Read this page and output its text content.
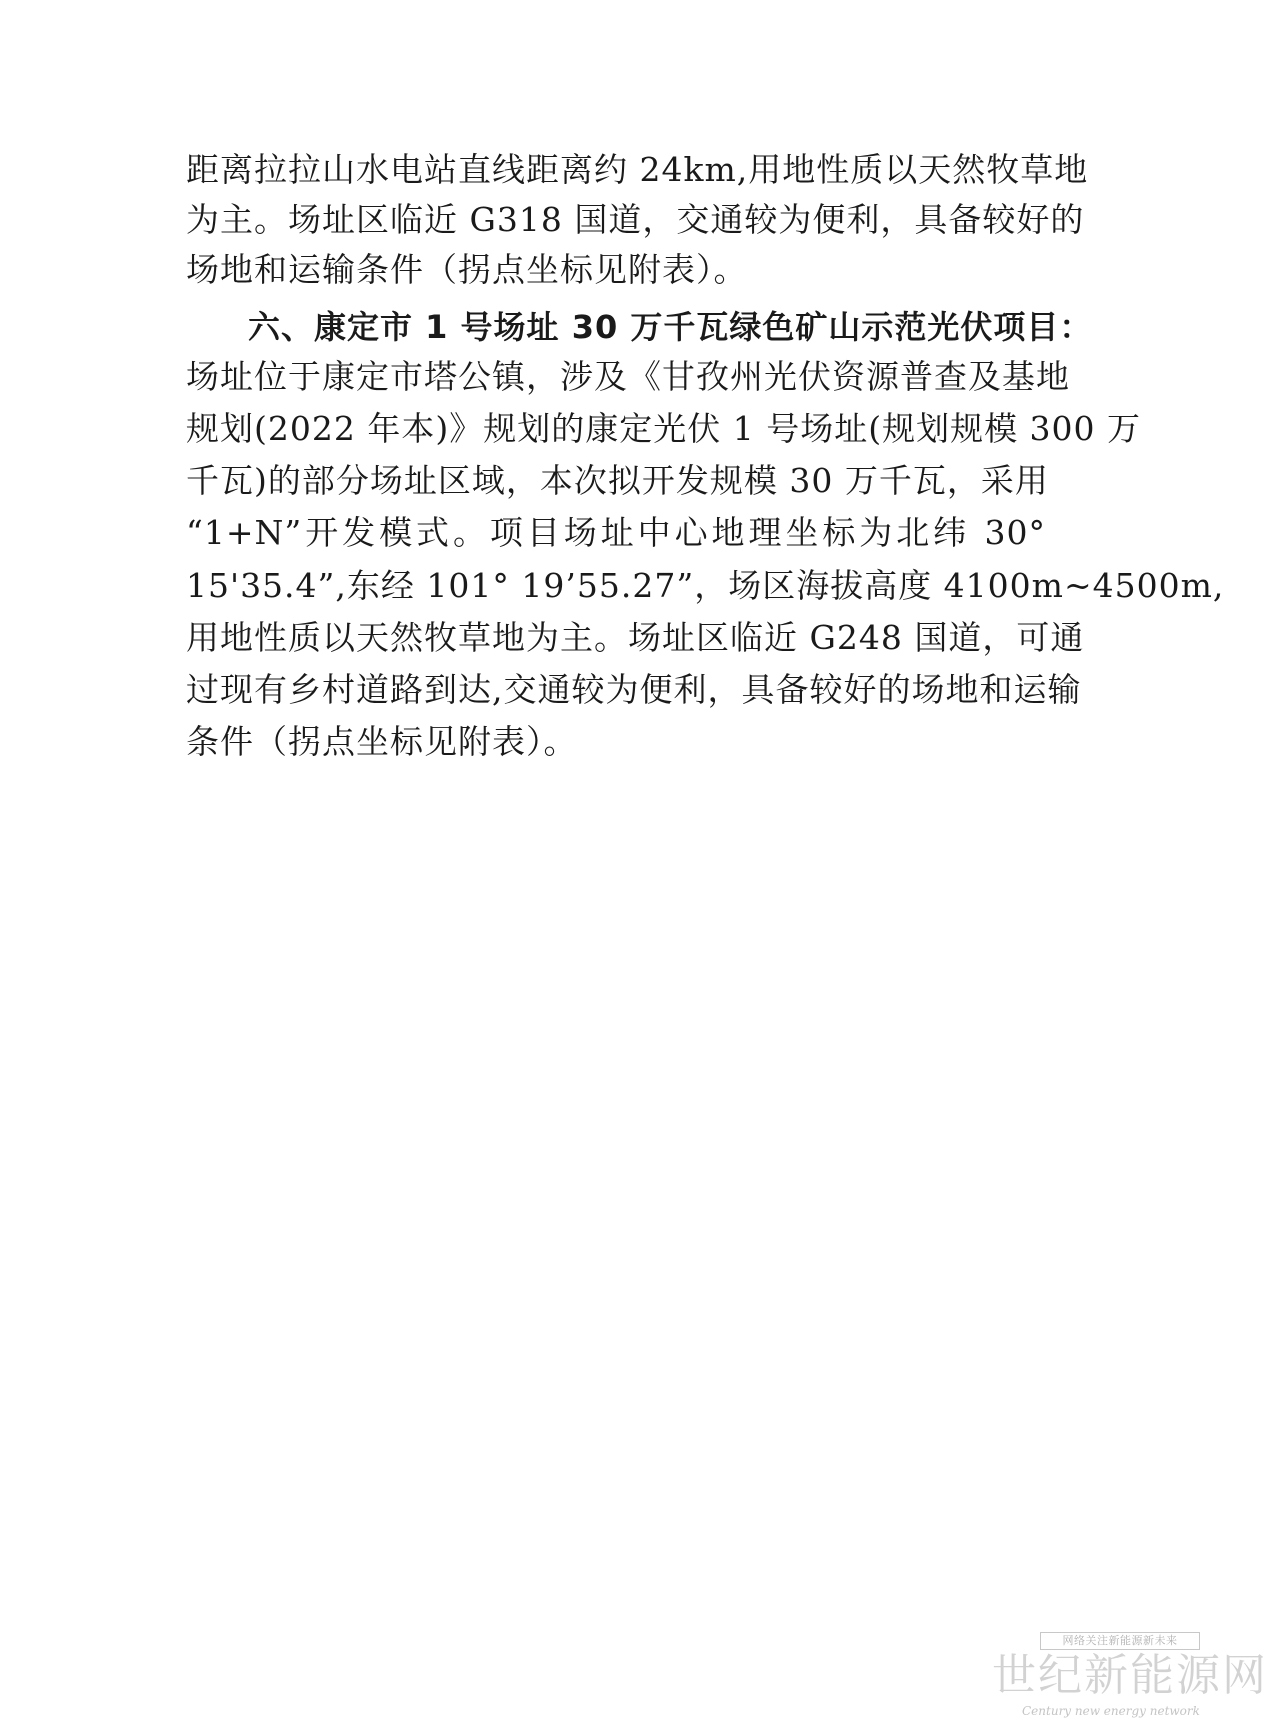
距离拉拉山水电站直线距离约 24km,用地性质以天然牧草地
为主。场址区临近 G318 国道，交通较为便利，具备较好的
场地和运输条件（拐点坐标见附表）。
六、康定市 1 号场址 30 万千瓦绿色矿山示范光伏项目：
场址位于康定市塔公镇，涉及《甘孜州光伏资源普查及基地
规划(2022 年本)》规划的康定光伏 1 号场址(规划规模 300 万
千瓦)的部分场址区域，本次拟开发规模 30 万千瓦，采用
“1+N”开发模式。项目场址中心地理坐标为北纬 30°
15'35.4”,东经 101° 19’55.27”，场区海拔高度 4100m~4500m,
用地性质以天然牧草地为主。场址区临近 G248 国道，可通
过现有乡村道路到达,交通较为便利，具备较好的场地和运输
条件（拐点坐标见附表）。
网络关注新能源新未来
世纪新能源网
Century new energy network
